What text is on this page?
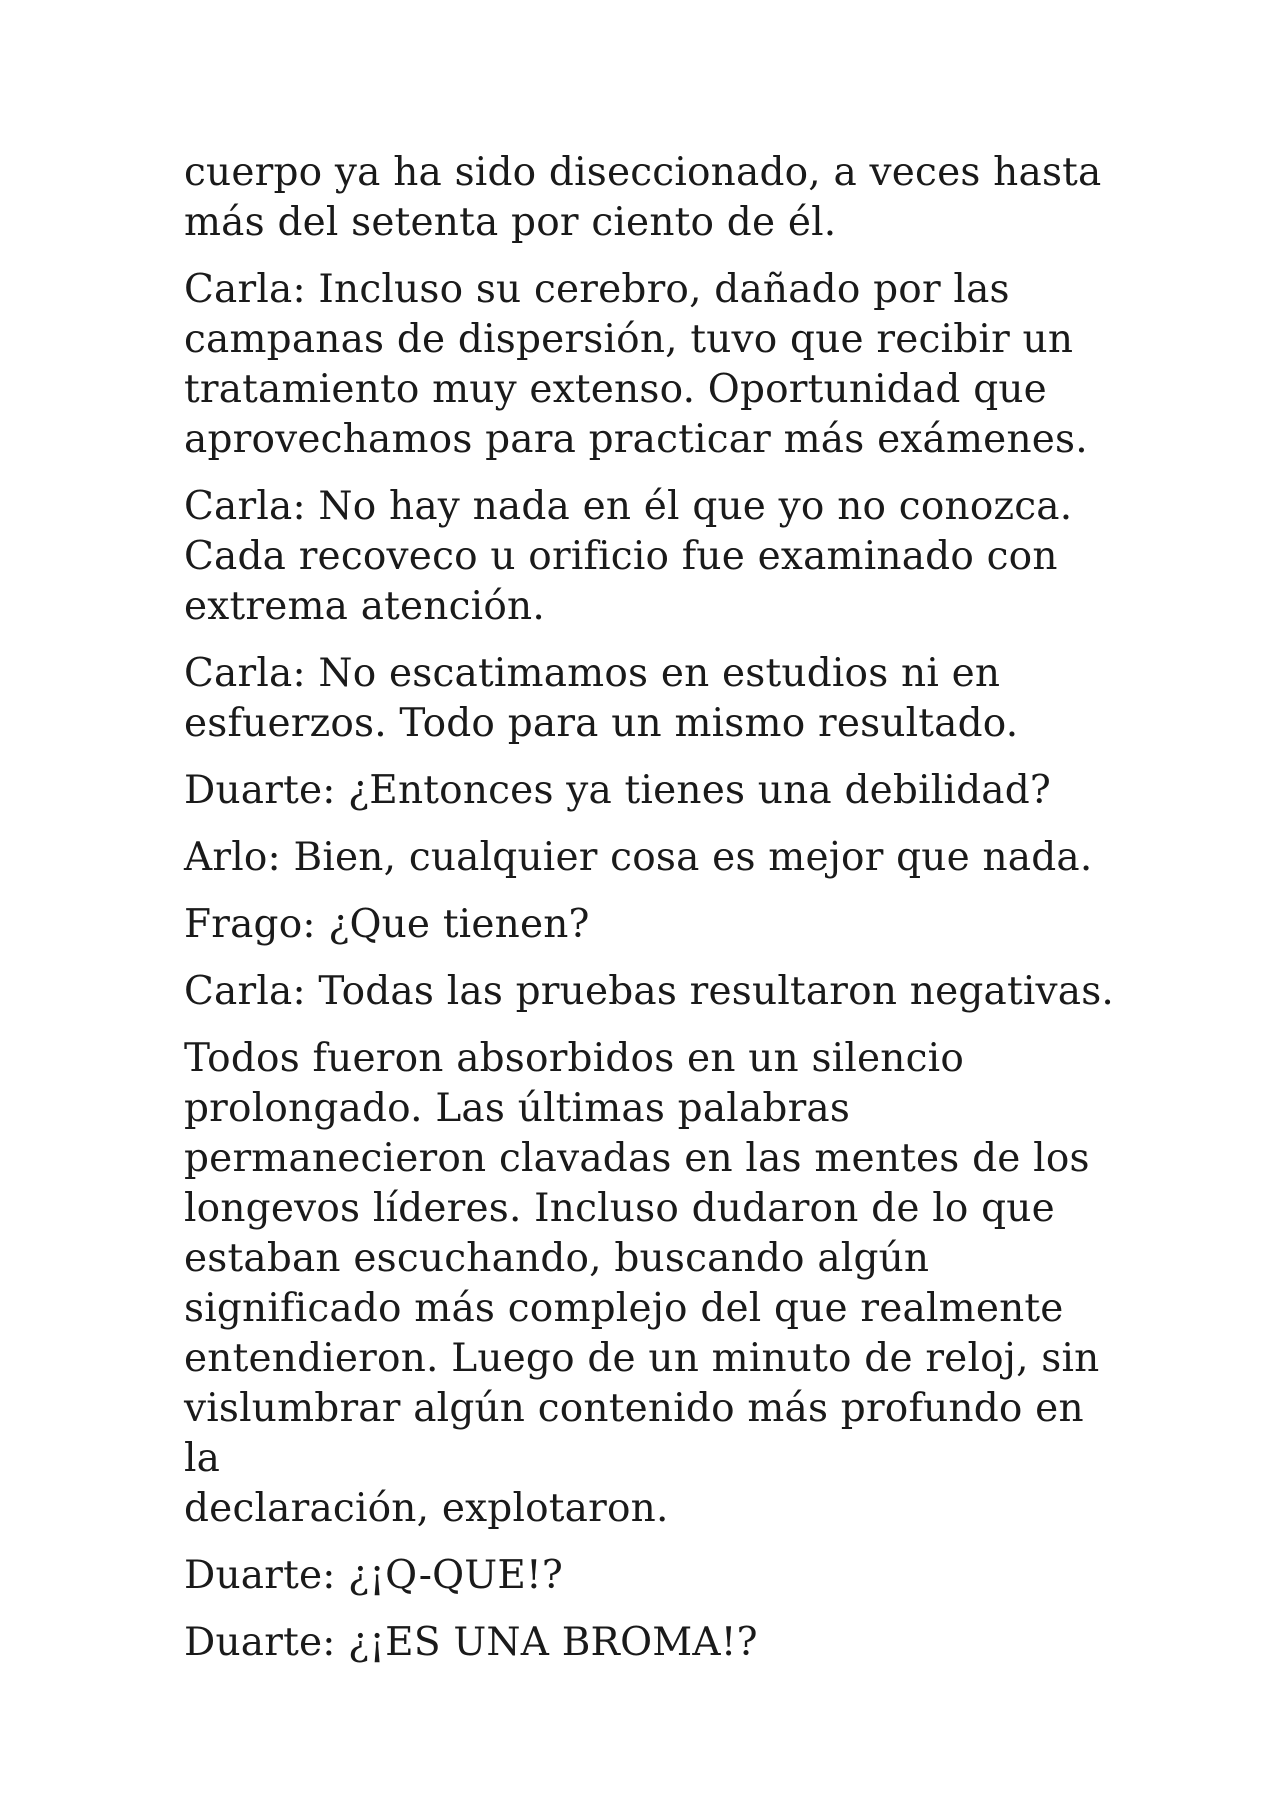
cuerpo ya ha sido diseccionado, a veces hasta
más del setenta por ciento de él.

Carla: Incluso su cerebro, dañado por las
campanas de dispersión, tuvo que recibir un
tratamiento muy extenso. Oportunidad que
aprovechamos para practicar más exámenes.

Carla: No hay nada en él que yo no conozca.
Cada recoveco u orificio fue examinado con
extrema atención.

Carla: No escatimamos en estudios ni en
esfuerzos. Todo para un mismo resultado.

Duarte: ¿Entonces ya tienes una debilidad?

Arlo: Bien, cualquier cosa es mejor que nada.

Frago: ¿Que tienen?

Carla: Todas las pruebas resultaron negativas.

Todos fueron absorbidos en un silencio
prolongado. Las últimas palabras
permanecieron clavadas en las mentes de los
longevos líderes. Incluso dudaron de lo que
estaban escuchando, buscando algún
significado más complejo del que realmente
entendieron. Luego de un minuto de reloj, sin
vislumbrar algún contenido más profundo en la
declaración, explotaron.

Duarte: ¿¡Q-QUE!?

Duarte: ¿¡ES UNA BROMA!?
